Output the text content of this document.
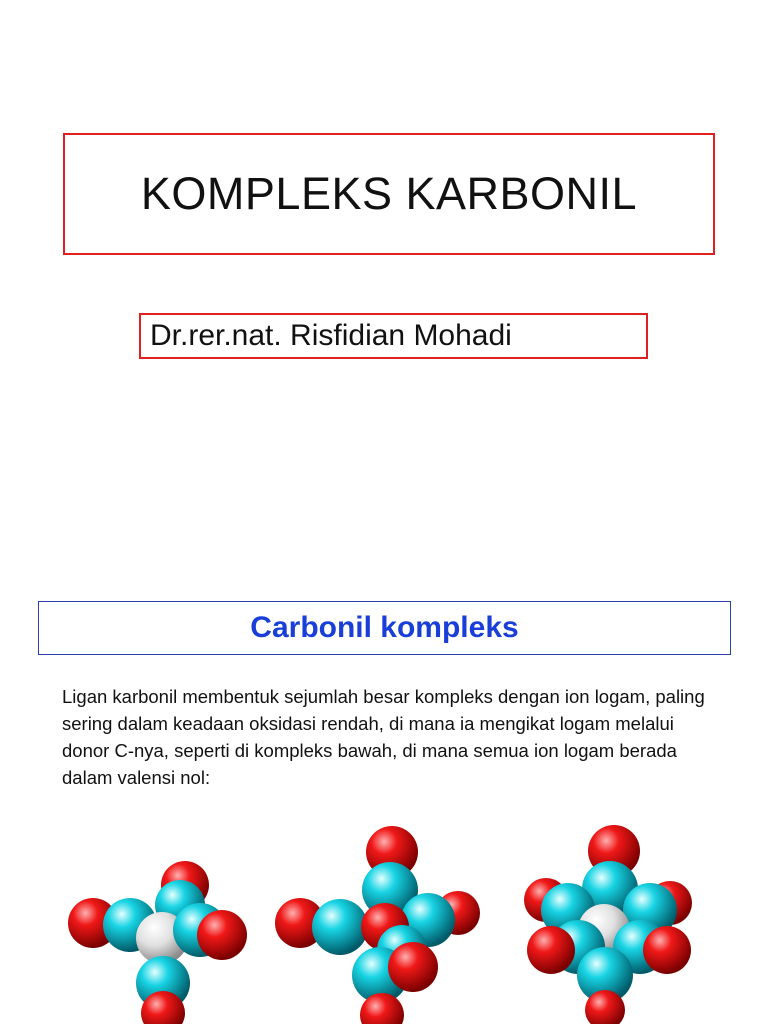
KOMPLEKS KARBONIL
Dr.rer.nat. Risfidian Mohadi
Carbonil kompleks
Ligan karbonil membentuk sejumlah besar kompleks dengan ion logam, paling sering dalam keadaan oksidasi rendah, di mana ia mengikat logam melalui donor C-nya, seperti di kompleks bawah, di mana semua ion logam berada dalam valensi nol:
